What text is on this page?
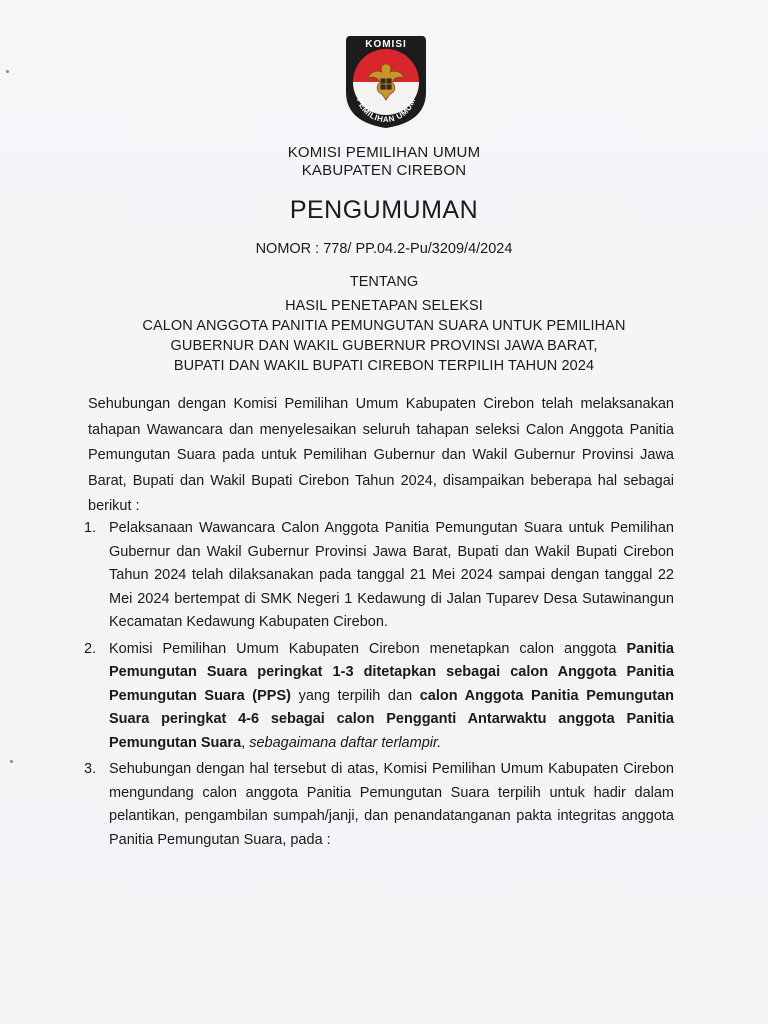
KOMISI
PEMILIHAN UMUM
KOMISI PEMILIHAN UMUM
KABUPATEN CIREBON
PENGUMUMAN
NOMOR : 778/ PP.04.2-Pu/3209/4/2024
TENTANG
HASIL PENETAPAN SELEKSI
CALON ANGGOTA PANITIA PEMUNGUTAN SUARA UNTUK PEMILIHAN
GUBERNUR DAN WAKIL GUBERNUR PROVINSI JAWA BARAT,
BUPATI DAN WAKIL BUPATI CIREBON TERPILIH TAHUN 2024
Sehubungan dengan Komisi Pemilihan Umum Kabupaten Cirebon telah melaksanakan tahapan Wawancara dan menyelesaikan seluruh tahapan seleksi Calon Anggota Panitia Pemungutan Suara pada untuk Pemilihan Gubernur dan Wakil Gubernur Provinsi Jawa Barat, Bupati dan Wakil Bupati Cirebon Tahun 2024, disampaikan beberapa hal sebagai berikut :
1. Pelaksanaan Wawancara Calon Anggota Panitia Pemungutan Suara untuk Pemilihan Gubernur dan Wakil Gubernur Provinsi Jawa Barat, Bupati dan Wakil Bupati Cirebon Tahun 2024 telah dilaksanakan pada tanggal 21 Mei 2024 sampai dengan tanggal 22 Mei 2024 bertempat di SMK Negeri 1 Kedawung di Jalan Tuparev Desa Sutawinangun Kecamatan Kedawung Kabupaten Cirebon.
2. Komisi Pemilihan Umum Kabupaten Cirebon menetapkan calon anggota Panitia Pemungutan Suara peringkat 1-3 ditetapkan sebagai calon Anggota Panitia Pemungutan Suara (PPS) yang terpilih dan calon Anggota Panitia Pemungutan Suara peringkat 4-6 sebagai calon Pengganti Antarwaktu anggota Panitia Pemungutan Suara, sebagaimana daftar terlampir.
3. Sehubungan dengan hal tersebut di atas, Komisi Pemilihan Umum Kabupaten Cirebon mengundang calon anggota Panitia Pemungutan Suara terpilih untuk hadir dalam pelantikan, pengambilan sumpah/janji, dan penandatanganan pakta integritas anggota Panitia Pemungutan Suara, pada :
